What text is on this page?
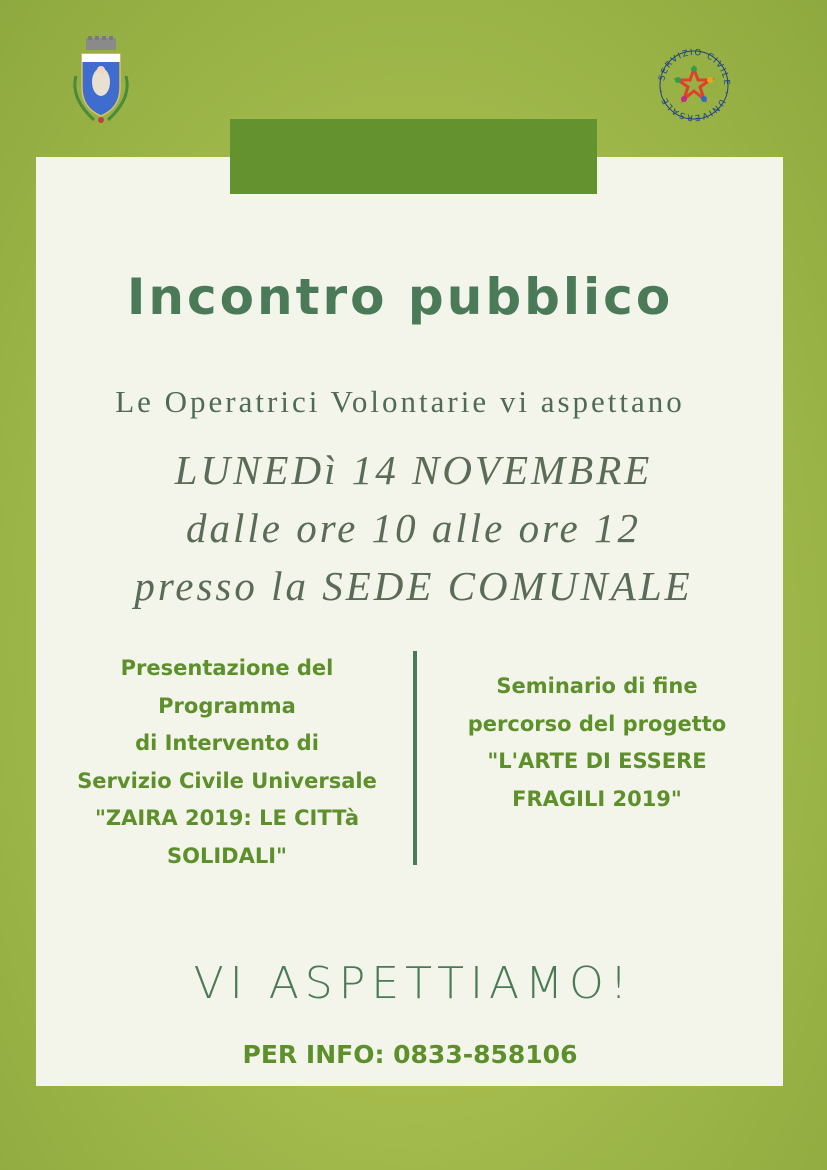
SERVIZIO CIVILE · UNIVERSALE ·
Incontro pubblico

Le Operatrici Volontarie vi aspettano

LUNEDì 14 NOVEMBRE

dalle ore 10 alle ore 12

presso la SEDE COMUNALE

Presentazione del
Programma
di Intervento di
Servizio Civile Universale
"ZAIRA 2019: LE CITTà
SOLIDALI"
Seminario di fine
percorso del progetto
"L'ARTE DI ESSERE
FRAGILI 2019"

VI ASPETTIAMO!

PER INFO: 0833-858106
